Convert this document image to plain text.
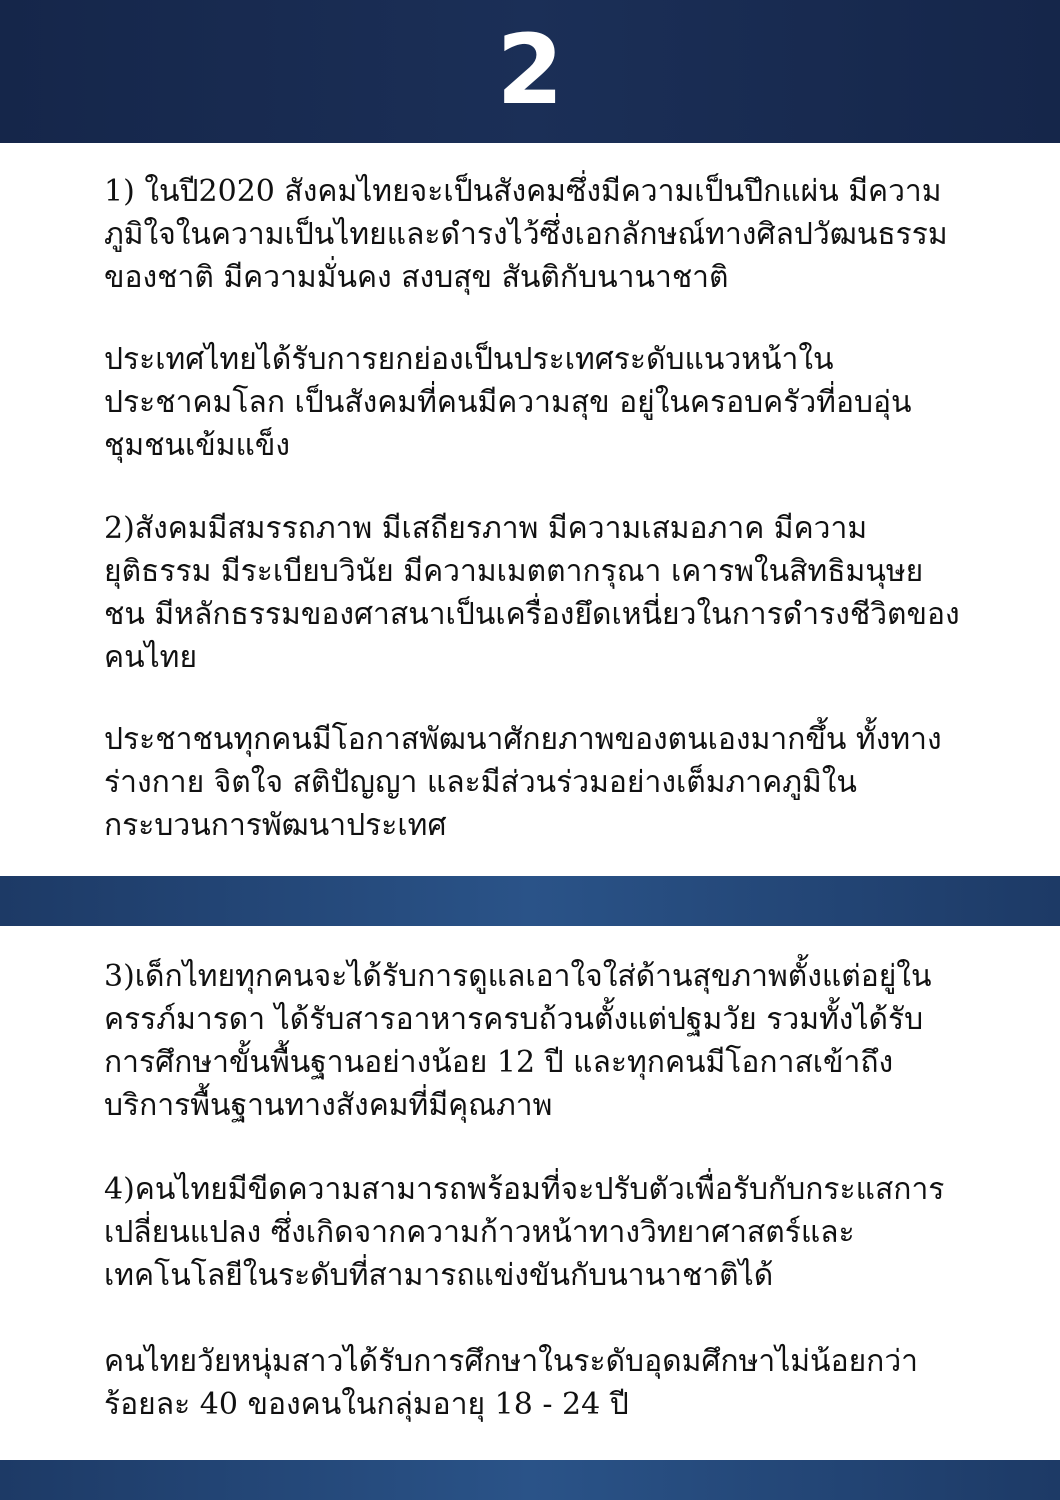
2
1) ในปี2020 สังคมไทยจะเป็นสังคมซึ่งมีความเป็นปึกแผ่น มีความ
ภูมิใจในความเป็นไทยและดำรงไว้ซึ่งเอกลักษณ์ทางศิลปวัฒนธรรม
ของชาติ มีความมั่นคง สงบสุข สันติกับนานาชาติ
ประเทศไทยได้รับการยกย่องเป็นประเทศระดับแนวหน้าใน
ประชาคมโลก เป็นสังคมที่คนมีความสุข อยู่ในครอบครัวที่อบอุ่น
ชุมชนเข้มแข็ง
2)สังคมมีสมรรถภาพ มีเสถียรภาพ มีความเสมอภาค มีความ
ยุติธรรม มีระเบียบวินัย มีความเมตตากรุณา เคารพในสิทธิมนุษย
ชน มีหลักธรรมของศาสนาเป็นเครื่องยึดเหนี่ยวในการดำรงชีวิตของ
คนไทย
ประชาชนทุกคนมีโอกาสพัฒนาศักยภาพของตนเองมากขึ้น ทั้งทาง
ร่างกาย จิตใจ สติปัญญา และมีส่วนร่วมอย่างเต็มภาคภูมิใน
กระบวนการพัฒนาประเทศ
3)เด็กไทยทุกคนจะได้รับการดูแลเอาใจใส่ด้านสุขภาพตั้งแต่อยู่ใน
ครรภ์มารดา ได้รับสารอาหารครบถ้วนตั้งแต่ปฐมวัย รวมทั้งได้รับ
การศึกษาขั้นพื้นฐานอย่างน้อย 12 ปี และทุกคนมีโอกาสเข้าถึง
บริการพื้นฐานทางสังคมที่มีคุณภาพ
4)คนไทยมีขีดความสามารถพร้อมที่จะปรับตัวเพื่อรับกับกระแสการ
เปลี่ยนแปลง ซึ่งเกิดจากความก้าวหน้าทางวิทยาศาสตร์และ
เทคโนโลยีในระดับที่สามารถแข่งขันกับนานาชาติได้
คนไทยวัยหนุ่มสาวได้รับการศึกษาในระดับอุดมศึกษาไม่น้อยกว่า
ร้อยละ 40 ของคนในกลุ่มอายุ 18 - 24 ปี
